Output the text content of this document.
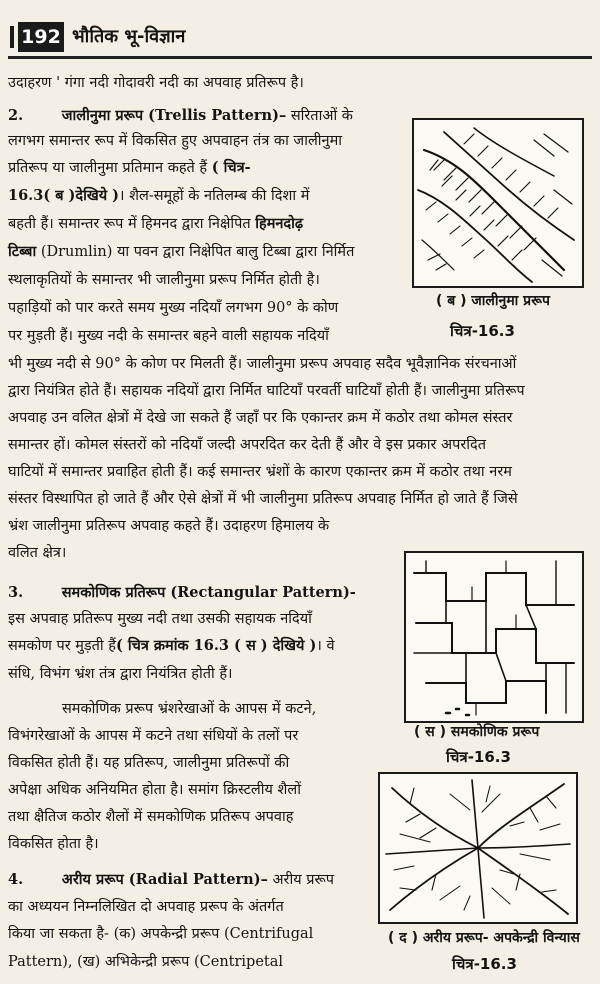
192 भौतिक भू-विज्ञान
उदाहरण ' गंगा नदी गोदावरी नदी का अपवाह प्रतिरूप है।
2.	जालीनुमा प्ररूप (Trellis Pattern)– सरिताओं के
लगभग समान्तर रूप में विकसित हुए अपवाहन तंत्र का जालीनुमा
प्रतिरूप या जालीनुमा प्रतिमान कहते हैं ( चित्र-
16.3( ब )देखिये )। शैल-समूहों के नतिलम्ब की दिशा में
बहती हैं। समान्तर रूप में हिमनद द्वारा निक्षेपित हिमनदोढ़
टिब्बा (Drumlin) या पवन द्वारा निक्षेपित बालु टिब्बा द्वारा निर्मित
स्थलाकृतियों के समान्तर भी जालीनुमा प्ररूप निर्मित होती है।
पहाड़ियों को पार करते समय मुख्य नदियाँ लगभग 90° के कोण
पर मुड़ती हैं। मुख्य नदी के समान्तर बहने वाली सहायक नदियाँ
भी मुख्य नदी से 90° के कोण पर मिलती हैं। जालीनुमा प्ररूप अपवाह सदैव भूवैज्ञानिक संरचनाओं
द्वारा नियंत्रित होते हैं। सहायक नदियों द्वारा निर्मित घाटियाँ परवर्ती घाटियाँ होती हैं। जालीनुमा प्रतिरूप
अपवाह उन वलित क्षेत्रों में देखे जा सकते हैं जहाँ पर कि एकान्तर क्रम में कठोर तथा कोमल संस्तर
समान्तर हों। कोमल संस्तरों को नदियाँ जल्दी अपरदित कर देती हैं और वे इस प्रकार अपरदित
घाटियों में समान्तर प्रवाहित होती हैं। कई समान्तर भ्रंशों के कारण एकान्तर क्रम में कठोर तथा नरम
संस्तर विस्थापित हो जाते हैं और ऐसे क्षेत्रों में भी जालीनुमा प्रतिरूप अपवाह निर्मित हो जाते हैं जिसे
भ्रंश जालीनुमा प्रतिरूप अपवाह कहते हैं। उदाहरण हिमालय के
वलित क्षेत्र।
3.	समकोणिक प्रतिरूप (Rectangular Pattern)-
इस अपवाह प्रतिरूप मुख्य नदी तथा उसकी सहायक नदियाँ
समकोण पर मुड़ती हैं( चित्र क्रमांक 16.3 ( स ) देखिये )। वे
संधि, विभंग भ्रंश तंत्र द्वारा नियंत्रित होती हैं।
समकोणिक प्ररूप भ्रंशरेखाओं के आपस में कटने,
विभंगरेखाओं के आपस में कटने तथा संधियों के तलों पर
विकसित होती हैं। यह प्रतिरूप, जालीनुमा प्रतिरूपों की
अपेक्षा अधिक अनियमित होता है। समांग क्रिस्टलीय शैलों
तथा क्षैतिज कठोर शैलों में समकोणिक प्रतिरूप अपवाह
विकसित होता है।
4.	अरीय प्ररूप (Radial Pattern)– अरीय प्ररूप
का अध्ययन निम्नलिखित दो अपवाह प्ररूप के अंतर्गत
किया जा सकता है- (क) अपकेन्द्री प्ररूप (Centrifugal
Pattern), (ख) अभिकेन्द्री प्ररूप (Centripetal
( ब ) जालीनुमा प्ररूप
चित्र-16.3
( स ) समकोणिक प्ररूप
चित्र-16.3
( द ) अरीय प्ररूप- अपकेन्द्री विन्यास
चित्र-16.3
